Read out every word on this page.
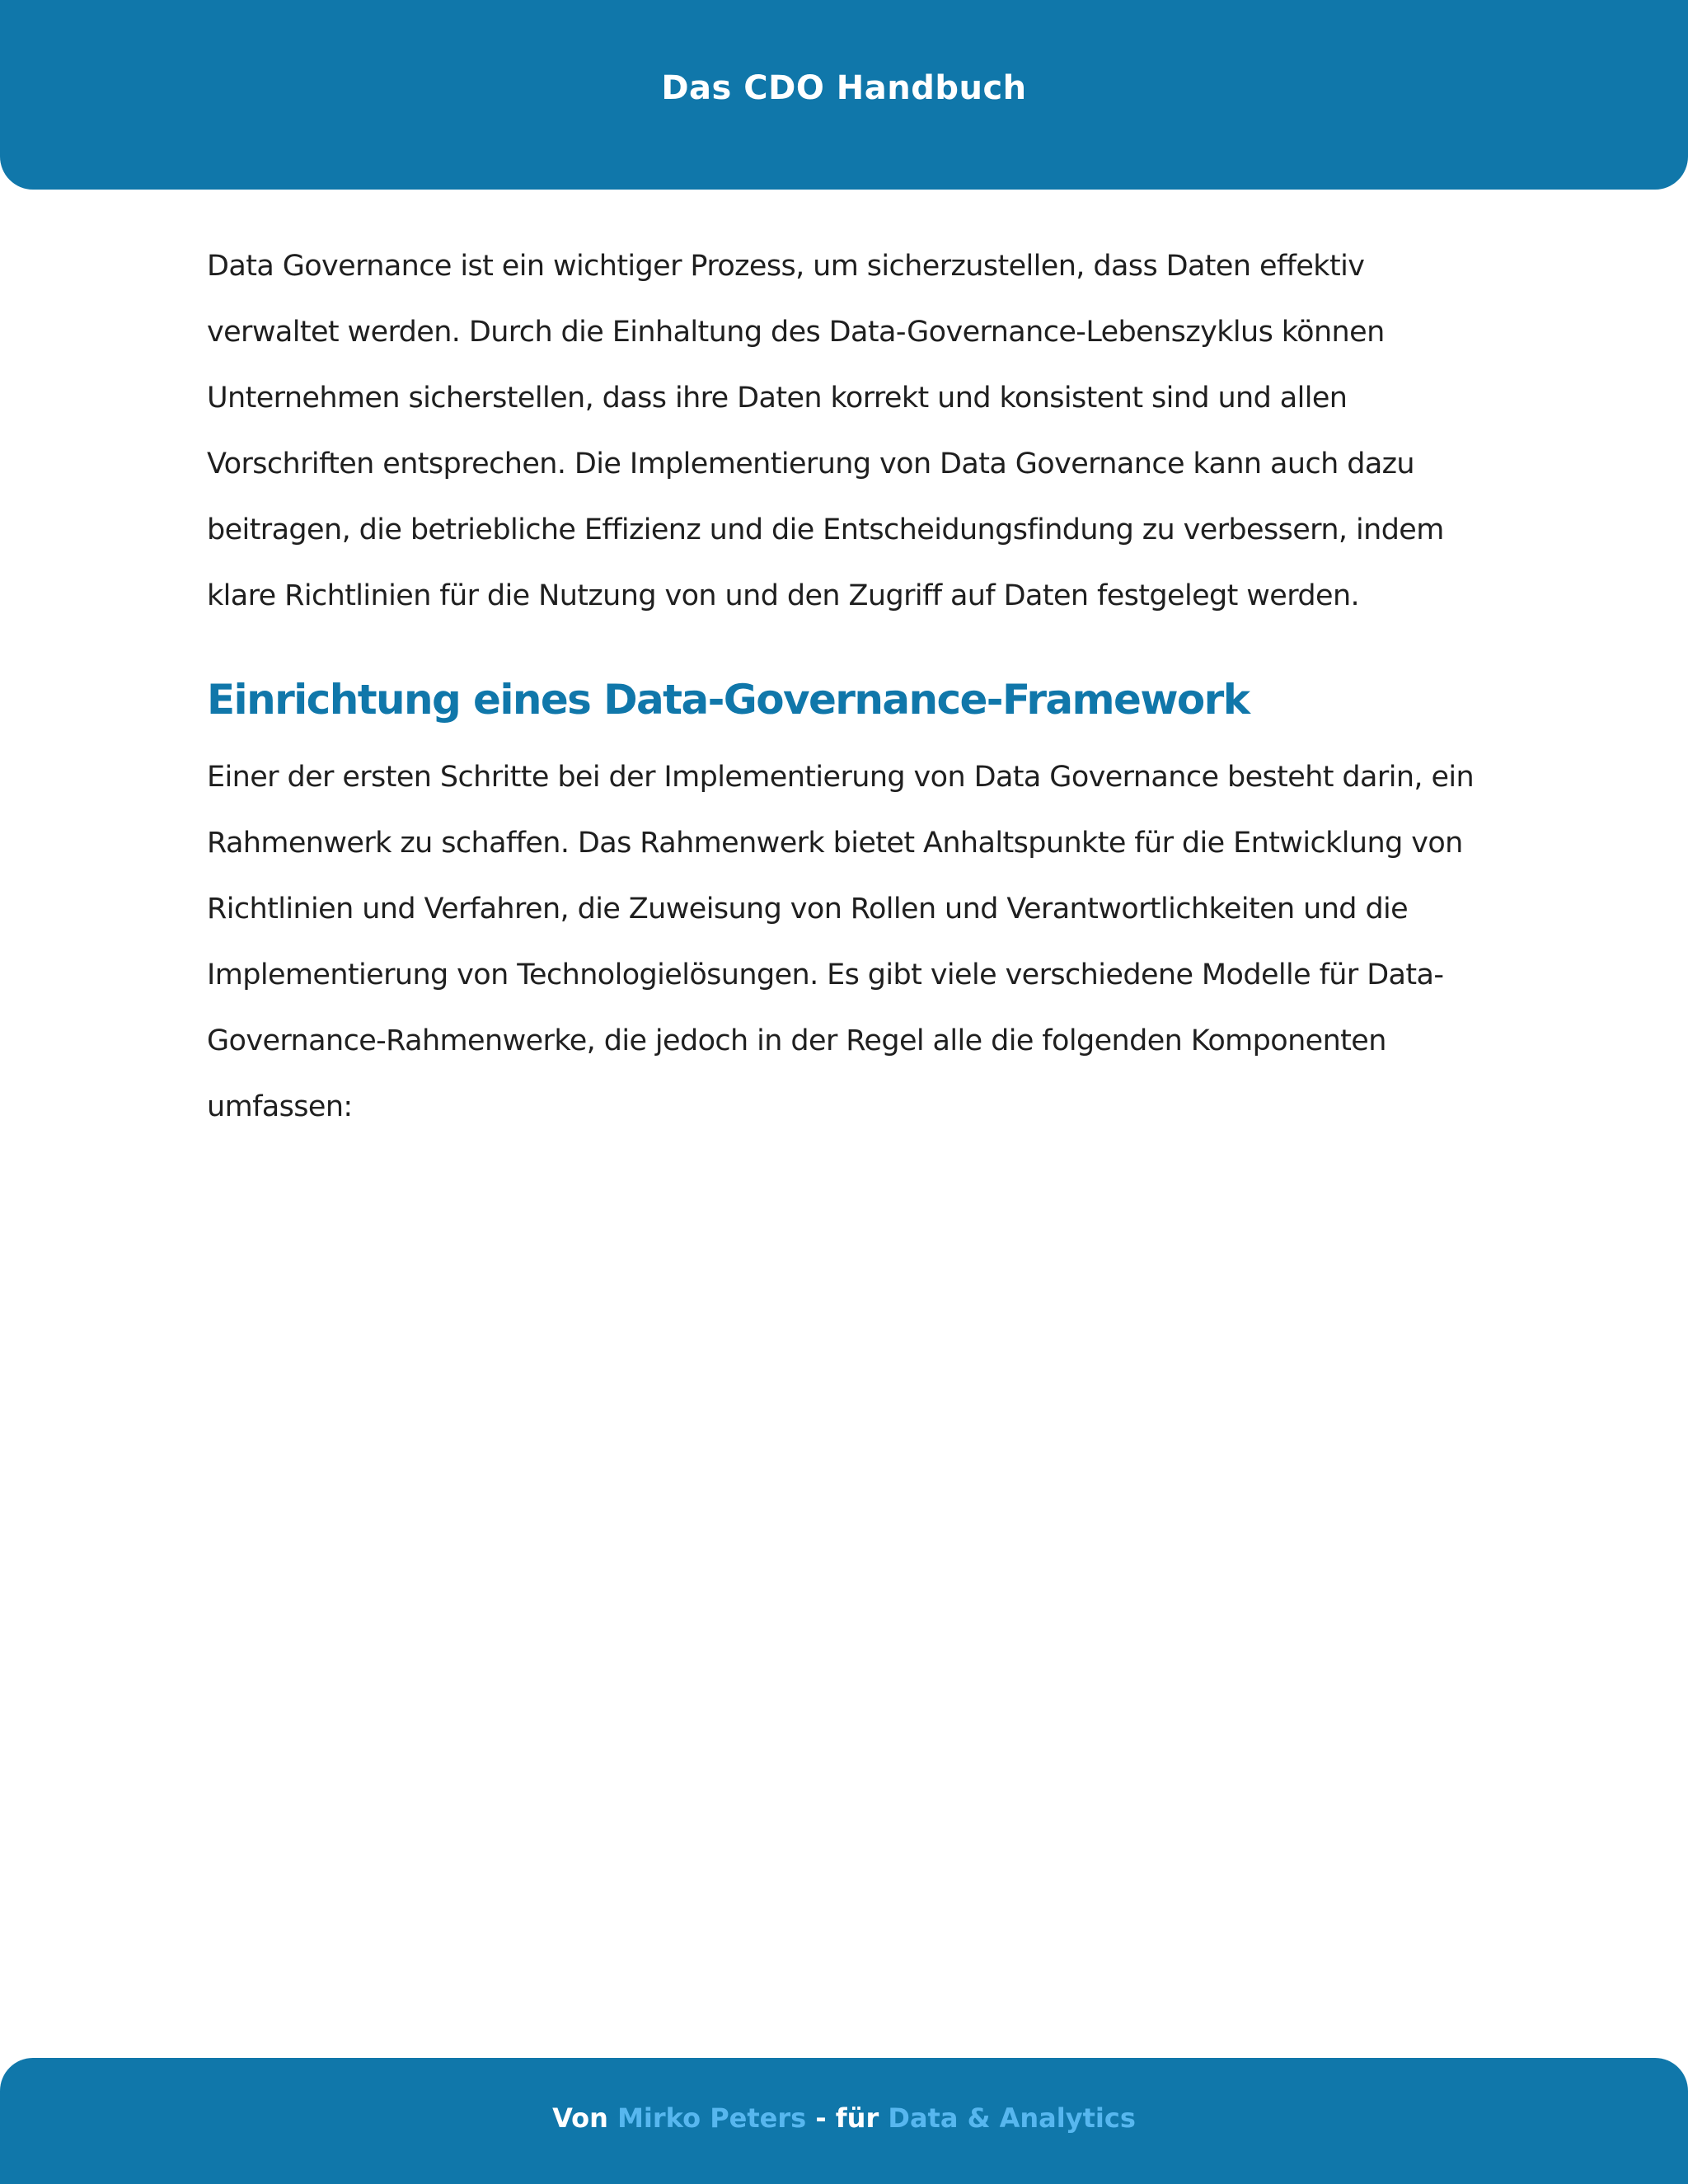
Das CDO Handbuch

Data Governance ist ein wichtiger Prozess, um sicherzustellen, dass Daten effektiv verwaltet werden. Durch die Einhaltung des Data-Governance-Lebenszyklus können Unternehmen sicherstellen, dass ihre Daten korrekt und konsistent sind und allen Vorschriften entsprechen. Die Implementierung von Data Governance kann auch dazu beitragen, die betriebliche Effizienz und die Entscheidungsfindung zu verbessern, indem klare Richtlinien für die Nutzung von und den Zugriff auf Daten festgelegt werden.

Einrichtung eines Data-Governance-Framework

Einer der ersten Schritte bei der Implementierung von Data Governance besteht darin, ein Rahmenwerk zu schaffen. Das Rahmenwerk bietet Anhaltspunkte für die Entwicklung von Richtlinien und Verfahren, die Zuweisung von Rollen und Verantwortlichkeiten und die Implementierung von Technologielösungen. Es gibt viele verschiedene Modelle für Data-Governance-Rahmenwerke, die jedoch in der Regel alle die folgenden Komponenten umfassen:

Von Mirko Peters - für Data & Analytics
